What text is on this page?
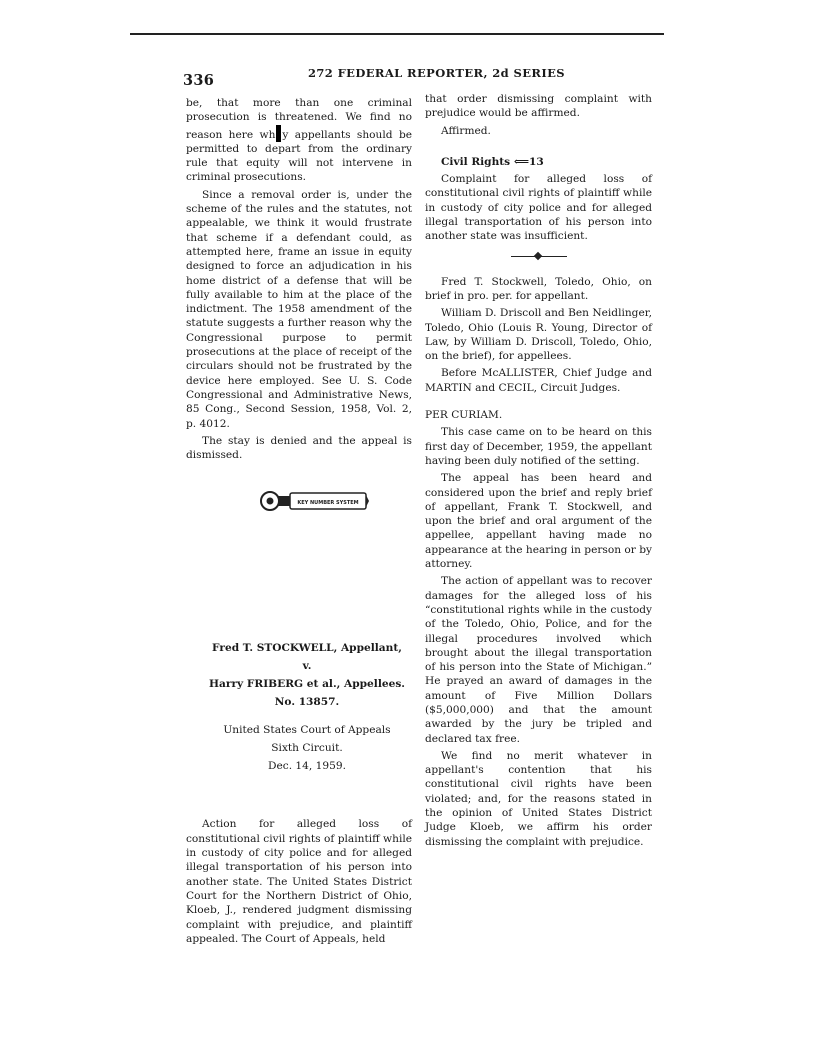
336	272 FEDERAL REPORTER, 2d SERIES

be, that more than one criminal prosecution is threatened. We find no reason here wh y appellants should be permitted to depart from the ordinary rule that equity will not intervene in criminal prosecutions.

Since a removal order is, under the scheme of the rules and the statutes, not appealable, we think it would frustrate that scheme if a defendant could, as attempted here, frame an issue in equity designed to force an adjudication in his home district of a defense that will be fully available to him at the place of the indictment. The 1958 amendment of the statute suggests a further reason why the Congressional purpose to permit prosecutions at the place of receipt of the circulars should not be frustrated by the device here employed. See U. S. Code Congressional and Administrative News, 85 Cong., Second Session, 1958, Vol. 2, p. 4012.

The stay is denied and the appeal is dismissed.

Fred T. STOCKWELL, Appellant,

v.

Harry FRIBERG et al., Appellees.

No. 13857.

United States Court of Appeals

Sixth Circuit.

Dec. 14, 1959.

Action for alleged loss of constitutional civil rights of plaintiff while in custody of city police and for alleged illegal transportation of his person into another state. The United States District Court for the Northern District of Ohio, Kloeb, J., rendered judgment dismissing complaint with prejudice, and plaintiff appealed. The Court of Appeals, held

KEY NUMBER SYSTEM

that order dismissing complaint with prejudice would be affirmed.

Affirmed.

Civil Rights ⟸13

Complaint for alleged loss of constitutional civil rights of plaintiff while in custody of city police and for alleged illegal transportation of his person into another state was insufficient.

Fred T. Stockwell, Toledo, Ohio, on brief in pro. per. for appellant.

William D. Driscoll and Ben Neidlinger, Toledo, Ohio (Louis R. Young, Director of Law, by William D. Driscoll, Toledo, Ohio, on the brief), for appellees.

Before McALLISTER, Chief Judge and MARTIN and CECIL, Circuit Judges.

PER CURIAM.

This case came on to be heard on this first day of December, 1959, the appellant having been duly notified of the setting.

The appeal has been heard and considered upon the brief and reply brief of appellant, Frank T. Stockwell, and upon the brief and oral argument of the appellee, appellant having made no appearance at the hearing in person or by attorney.

The action of appellant was to recover damages for the alleged loss of his “constitutional rights while in the custody of the Toledo, Ohio, Police, and for the illegal procedures involved which brought about the illegal transportation of his person into the State of Michigan.” He prayed an award of damages in the amount of Five Million Dollars ($5,000,000) and that the amount awarded by the jury be tripled and declared tax free.

We find no merit whatever in appellant's contention that his constitutional civil rights have been violated; and, for the reasons stated in the opinion of United States District Judge Kloeb, we affirm his order dismissing the complaint with prejudice.
